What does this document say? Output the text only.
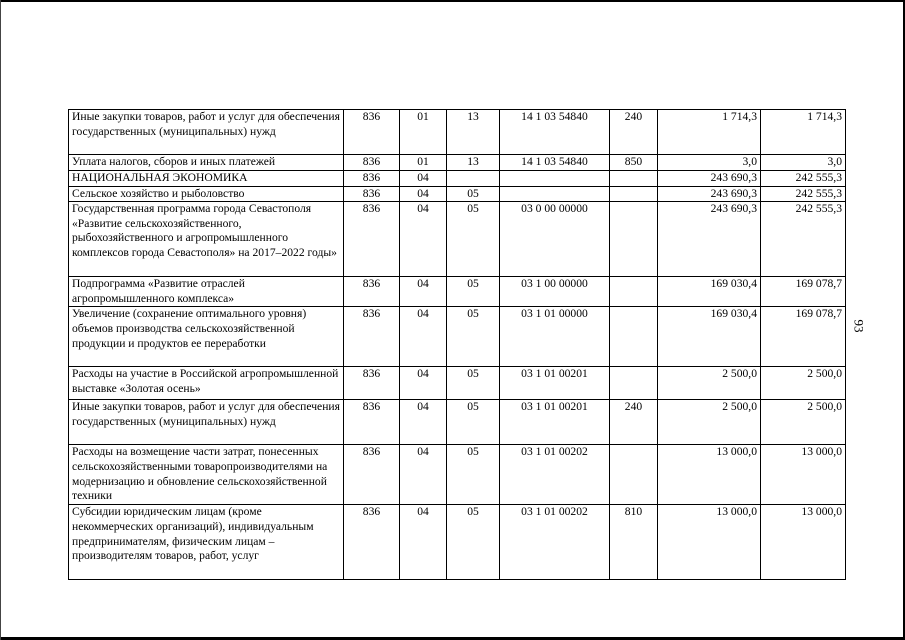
Иные закупки товаров, работ и услуг для обеспечения государственных (муниципальных) нужд	836	01	13	14 1 03 54840	240	1 714,3	1 714,3
Уплата налогов, сборов и иных платежей	836	01	13	14 1 03 54840	850	3,0	3,0
НАЦИОНАЛЬНАЯ ЭКОНОМИКА	836	04				243 690,3	242 555,3
Сельское хозяйство и рыболовство	836	04	05			243 690,3	242 555,3
Государственная программа города Севастополя «Развитие сельскохозяйственного, рыбохозяйственного и агропромышленного комплексов города Севастополя» на 2017–2022 годы»	836	04	05	03 0 00 00000		243 690,3	242 555,3
Подпрограмма «Развитие отраслей агропромышленного комплекса»	836	04	05	03 1 00 00000		169 030,4	169 078,7
Увеличение (сохранение оптимального уровня) объемов производства сельскохозяйственной продукции и продуктов ее переработки	836	04	05	03 1 01 00000		169 030,4	169 078,7
Расходы на участие в Российской агропромышленной выставке «Золотая осень»	836	04	05	03 1 01 00201		2 500,0	2 500,0
Иные закупки товаров, работ и услуг для обеспечения государственных (муниципальных) нужд	836	04	05	03 1 01 00201	240	2 500,0	2 500,0
Расходы на возмещение части затрат, понесенных сельскохозяйственными товаропроизводителями на модернизацию и обновление сельскохозяйственной техники	836	04	05	03 1 01 00202		13 000,0	13 000,0
Субсидии юридическим лицам (кроме некоммерческих организаций), индивидуальным предпринимателям, физическим лицам – производителям товаров, работ, услуг	836	04	05	03 1 01 00202	810	13 000,0	13 000,0
93
